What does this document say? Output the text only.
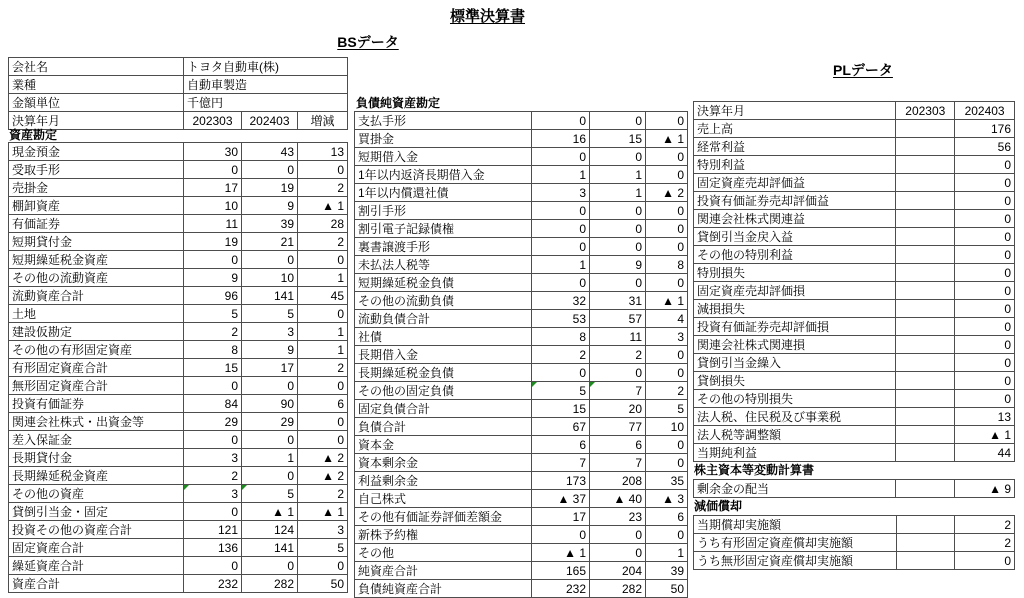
標準決算書
BSデータ
PLデータ
会社名	トヨタ自動車(株)		
業種	自動車製造		
金額単位	千億円		
決算年月	202303	202403	増減
資産勘定
現金預金	30	43	13
受取手形	0	0	0
売掛金	17	19	2
棚卸資産	10	9	▲ 1
有価証券	11	39	28
短期貸付金	19	21	2
短期繰延税金資産	0	0	0
その他の流動資産	9	10	1
流動資産合計	96	141	45
土地	5	5	0
建設仮勘定	2	3	1
その他の有形固定資産	8	9	1
有形固定資産合計	15	17	2
無形固定資産合計	0	0	0
投資有価証券	84	90	6
関連会社株式・出資金等	29	29	0
差入保証金	0	0	0
長期貸付金	3	1	▲ 2
長期繰延税金資産	2	0	▲ 2
その他の資産	3	5	2
貸倒引当金・固定	0	▲ 1	▲ 1
投資その他の資産合計	121	124	3
固定資産合計	136	141	5
繰延資産合計	0	0	0
資産合計	232	282	50
負債純資産勘定
支払手形	0	0	0
買掛金	16	15	▲ 1
短期借入金	0	0	0
1年以内返済長期借入金	1	1	0
1年以内償還社債	3	1	▲ 2
割引手形	0	0	0
割引電子記録債権	0	0	0
裏書譲渡手形	0	0	0
未払法人税等	1	9	8
短期繰延税金負債	0	0	0
その他の流動負債	32	31	▲ 1
流動負債合計	53	57	4
社債	8	11	3
長期借入金	2	2	0
長期繰延税金負債	0	0	0
その他の固定負債	5	7	2
固定負債合計	15	20	5
負債合計	67	77	10
資本金	6	6	0
資本剰余金	7	7	0
利益剰余金	173	208	35
自己株式	▲ 37	▲ 40	▲ 3
その他有価証券評価差額金	17	23	6
新株予約権	0	0	0
その他	▲ 1	0	1
純資産合計	165	204	39
負債純資産合計	232	282	50
決算年月	202303	202403
売上高		176
経常利益		56
特別利益		0
固定資産売却評価益		0
投資有価証券売却評価益		0
関連会社株式関連益		0
貸倒引当金戻入益		0
その他の特別利益		0
特別損失		0
固定資産売却評価損		0
減損損失		0
投資有価証券売却評価損		0
関連会社株式関連損		0
貸倒引当金繰入		0
貸倒損失		0
その他の特別損失		0
法人税、住民税及び事業税		13
法人税等調整額		▲ 1
当期純利益		44
株主資本等変動計算書
剰余金の配当		▲ 9
減価償却
当期償却実施額		2
うち有形固定資産償却実施額		2
うち無形固定資産償却実施額		0
